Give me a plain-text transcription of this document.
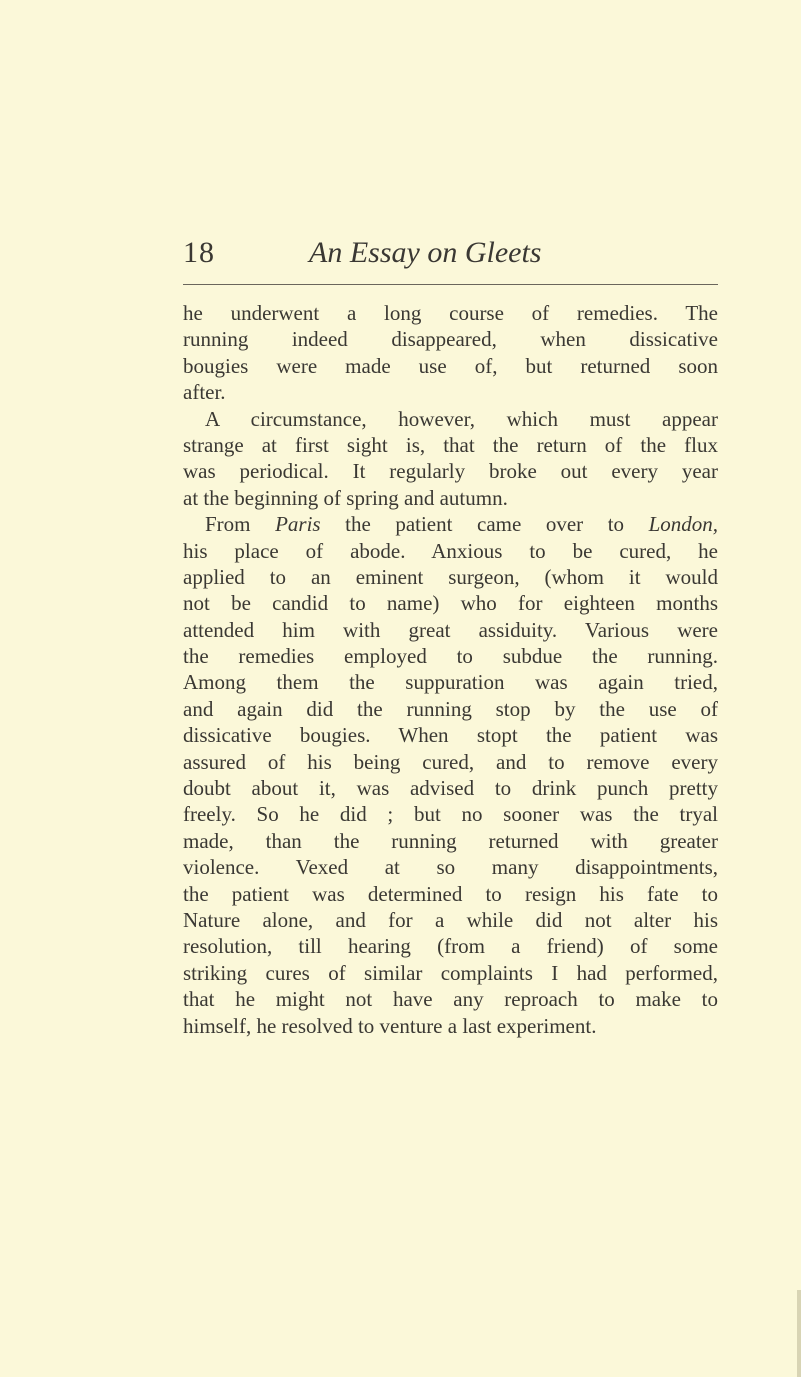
18	An Essay on Gleets
he underwent a long course of remedies. The
running indeed disappeared, when dissicative
bougies were made use of, but returned soon
after.
A circumstance, however, which must appear
strange at first sight is, that the return of the flux
was periodical. It regularly broke out every year
at the beginning of spring and autumn.
From Paris the patient came over to London,
his place of abode. Anxious to be cured, he
applied to an eminent surgeon, (whom it would
not be candid to name) who for eighteen months
attended him with great assiduity. Various were
the remedies employed to subdue the running.
Among them the suppuration was again tried,
and again did the running stop by the use of
dissicative bougies. When stopt the patient was
assured of his being cured, and to remove every
doubt about it, was advised to drink punch pretty
freely. So he did ; but no sooner was the tryal
made, than the running returned with greater
violence. Vexed at so many disappointments,
the patient was determined to resign his fate to
Nature alone, and for a while did not alter his
resolution, till hearing (from a friend) of some
striking cures of similar complaints I had performed,
that he might not have any reproach to make to
himself, he resolved to venture a last experiment.
